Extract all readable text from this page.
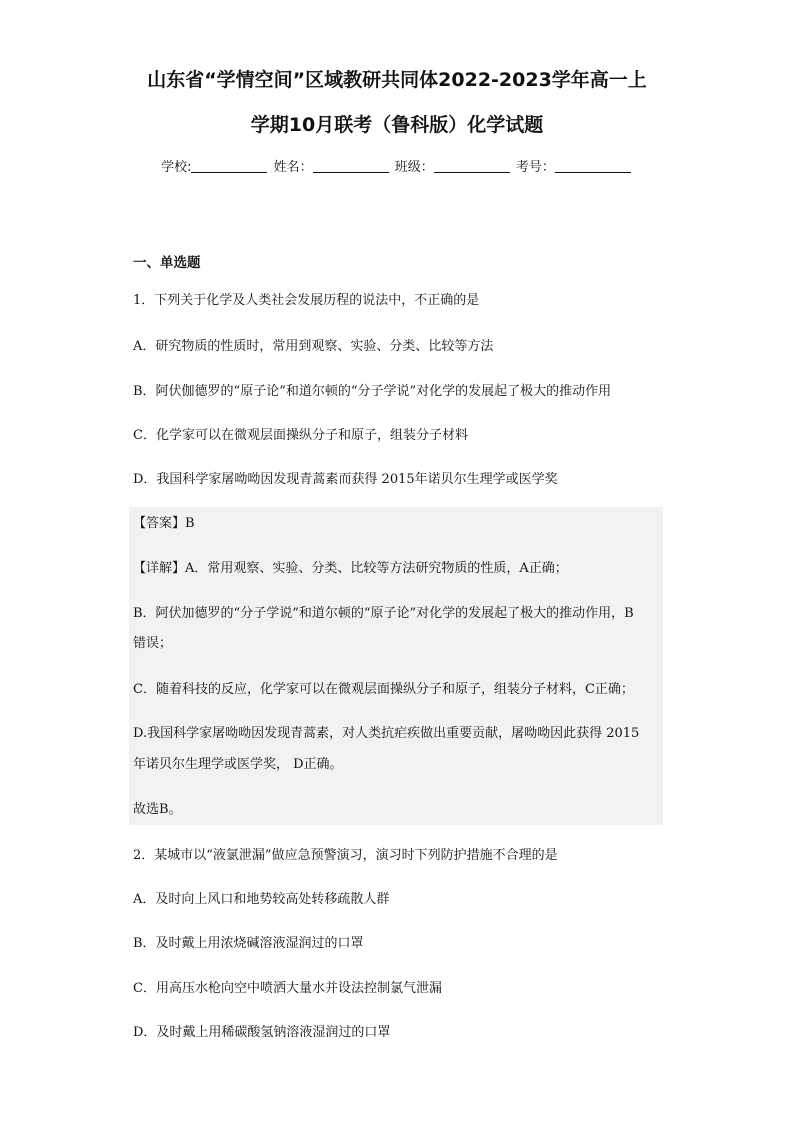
山东省“学情空间”区域教研共同体2022-2023学年高一上
学期10月联考（鲁科版）化学试题
学校:	姓名：	班级：	考号：
一、单选题
1．下列关于化学及人类社会发展历程的说法中，不正确的是
A．研究物质的性质时，常用到观察、实验、分类、比较等方法
B．阿伏伽德罗的“原子论”和道尔顿的“分子学说”对化学的发展起了极大的推动作用
C．化学家可以在微观层面操纵分子和原子，组装分子材料
D．我国科学家屠呦呦因发现青蒿素而获得 2015年诺贝尔生理学或医学奖
【答案】B
【详解】A．常用观察、实验、分类、比较等方法研究物质的性质，A正确；
B．阿伏加德罗的“分子学说”和道尔顿的“原子论”对化学的发展起了极大的推动作用，B
错误；
C．随着科技的反应，化学家可以在微观层面操纵分子和原子，组装分子材料，C正确；
D.我国科学家屠呦呦因发现青蒿素，对人类抗疟疾做出重要贡献，屠呦呦因此获得 2015
年诺贝尔生理学或医学奖， D正确。
故选B。
2．某城市以“液氯泄漏”做应急预警演习，演习时下列防护措施不合理的是
A．及时向上风口和地势较高处转移疏散人群
B．及时戴上用浓烧碱溶液湿润过的口罩
C．用高压水枪向空中喷洒大量水并设法控制氯气泄漏
D．及时戴上用稀碳酸氢钠溶液湿润过的口罩
